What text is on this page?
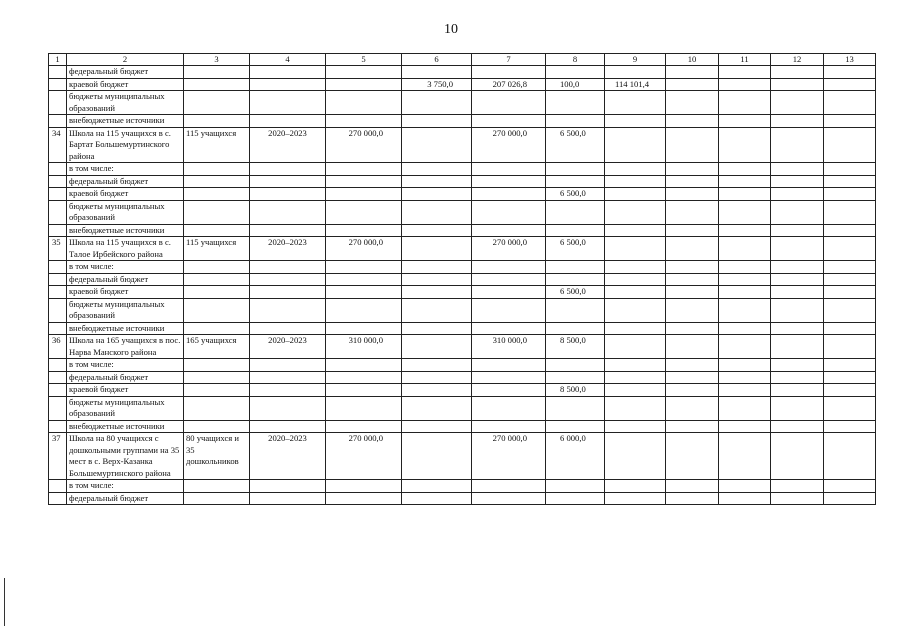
10
1	2	3	4	5	6	7	8	9	10	11	12	13
	федеральный бюджет											
	краевой бюджет				3 750,0	207 026,8	100,0	114 101,4				
	бюджеты муниципальных образований											
	внебюджетные источники											
34	Школа на 115 учащихся в с. Бартат Большемуртинского района	115 учащихся	2020–2023	270 000,0		270 000,0	6 500,0					
	в том числе:											
	федеральный бюджет											
	краевой бюджет						6 500,0					
	бюджеты муниципальных образований											
	внебюджетные источники											
35	Школа на 115 учащихся в с. Талое Ирбейского района	115 учащихся	2020–2023	270 000,0		270 000,0	6 500,0					
	в том числе:											
	федеральный бюджет											
	краевой бюджет						6 500,0					
	бюджеты муниципальных образований											
	внебюджетные источники											
36	Школа на 165 учащихся в пос. Нарва Манского района	165 учащихся	2020–2023	310 000,0		310 000,0	8 500,0					
	в том числе:											
	федеральный бюджет											
	краевой бюджет						8 500,0					
	бюджеты муниципальных образований											
	внебюджетные источники											
37	Школа на 80 учащихся с дошкольными группами на 35 мест в с. Верх-Казанка Большемуртинского района	80 учащихся и 35 дошкольников	2020–2023	270 000,0		270 000,0	6 000,0					
	в том числе:											
	федеральный бюджет											
